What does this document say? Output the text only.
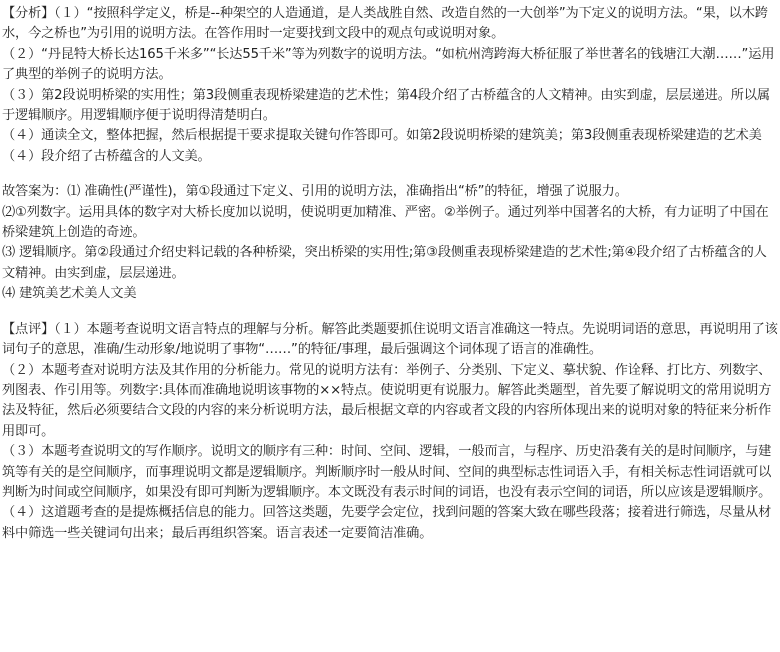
【分析】（１）“按照科学定义，桥是--种架空的人造通道，是人类战胜自然、改造自然的一大创举”为下定义的说明方法。“果，以木跨水，今之桥也”为引用的说明方法。在答作用时一定要找到文段中的观点句或说明对象。

（２）“丹昆特大桥长达165千米多”“长达55千米”等为列数字的说明方法。“如杭州湾跨海大桥征服了举世著名的钱塘江大潮……”运用了典型的举例子的说明方法。

（３）第2段说明桥梁的实用性；第3段侧重表现桥梁建造的艺术性；第4段介绍了古桥蕴含的人文精神。由实到虚，层层递进。所以属于逻辑顺序。用逻辑顺序便于说明得清楚明白。

（４）通读全文，整体把握，然后根据提干要求提取关键句作答即可。如第2段说明桥梁的建筑美；第3段侧重表现桥梁建造的艺术美（４）段介绍了古桥蕴含的人文美。

故答案为：⑴ 准确性(严谨性)，第①段通过下定义、引用的说明方法，准确指出“桥”的特征，增强了说服力。

⑵①列数字。运用具体的数字对大桥长度加以说明，使说明更加精准、严密。②举例子。通过列举中国著名的大桥，有力证明了中国在桥梁建筑上创造的奇迹。

⑶ 逻辑顺序。第②段通过介绍史料记载的各种桥梁，突出桥梁的实用性;第③段侧重表现桥梁建造的艺术性;第④段介绍了古桥蕴含的人文精神。由实到虚，层层递进。

⑷ 建筑美艺术美人文美

【点评】（１）本题考查说明文语言特点的理解与分析。解答此类题要抓住说明文语言准确这一特点。先说明词语的意思，再说明用了该词句子的意思，准确/生动形象/地说明了事物“……”的特征/事理，最后强调这个词体现了语言的准确性。

（２）本题考查对说明方法及其作用的分析能力。常见的说明方法有：举例子、分类别、下定义、摹状貌、作诠释、打比方、列数字、列图表、作引用等。列数字:具体而准确地说明该事物的××特点。使说明更有说服力。解答此类题型，首先要了解说明文的常用说明方法及特征，然后必须要结合文段的内容的来分析说明方法，最后根据文章的内容或者文段的内容所体现出来的说明对象的特征来分析作用即可。

（３）本题考查说明文的写作顺序。说明文的顺序有三种：时间、空间、逻辑，一般而言，与程序、历史沿袭有关的是时间顺序，与建筑等有关的是空间顺序，而事理说明文都是逻辑顺序。判断顺序时一般从时间、空间的典型标志性词语入手，有相关标志性词语就可以判断为时间或空间顺序，如果没有即可判断为逻辑顺序。本文既没有表示时间的词语，也没有表示空间的词语，所以应该是逻辑顺序。

（４）这道题考查的是提炼概括信息的能力。回答这类题，先要学会定位，找到问题的答案大致在哪些段落；接着进行筛选，尽量从材料中筛选一些关键词句出来；最后再组织答案。语言表述一定要简洁准确。
